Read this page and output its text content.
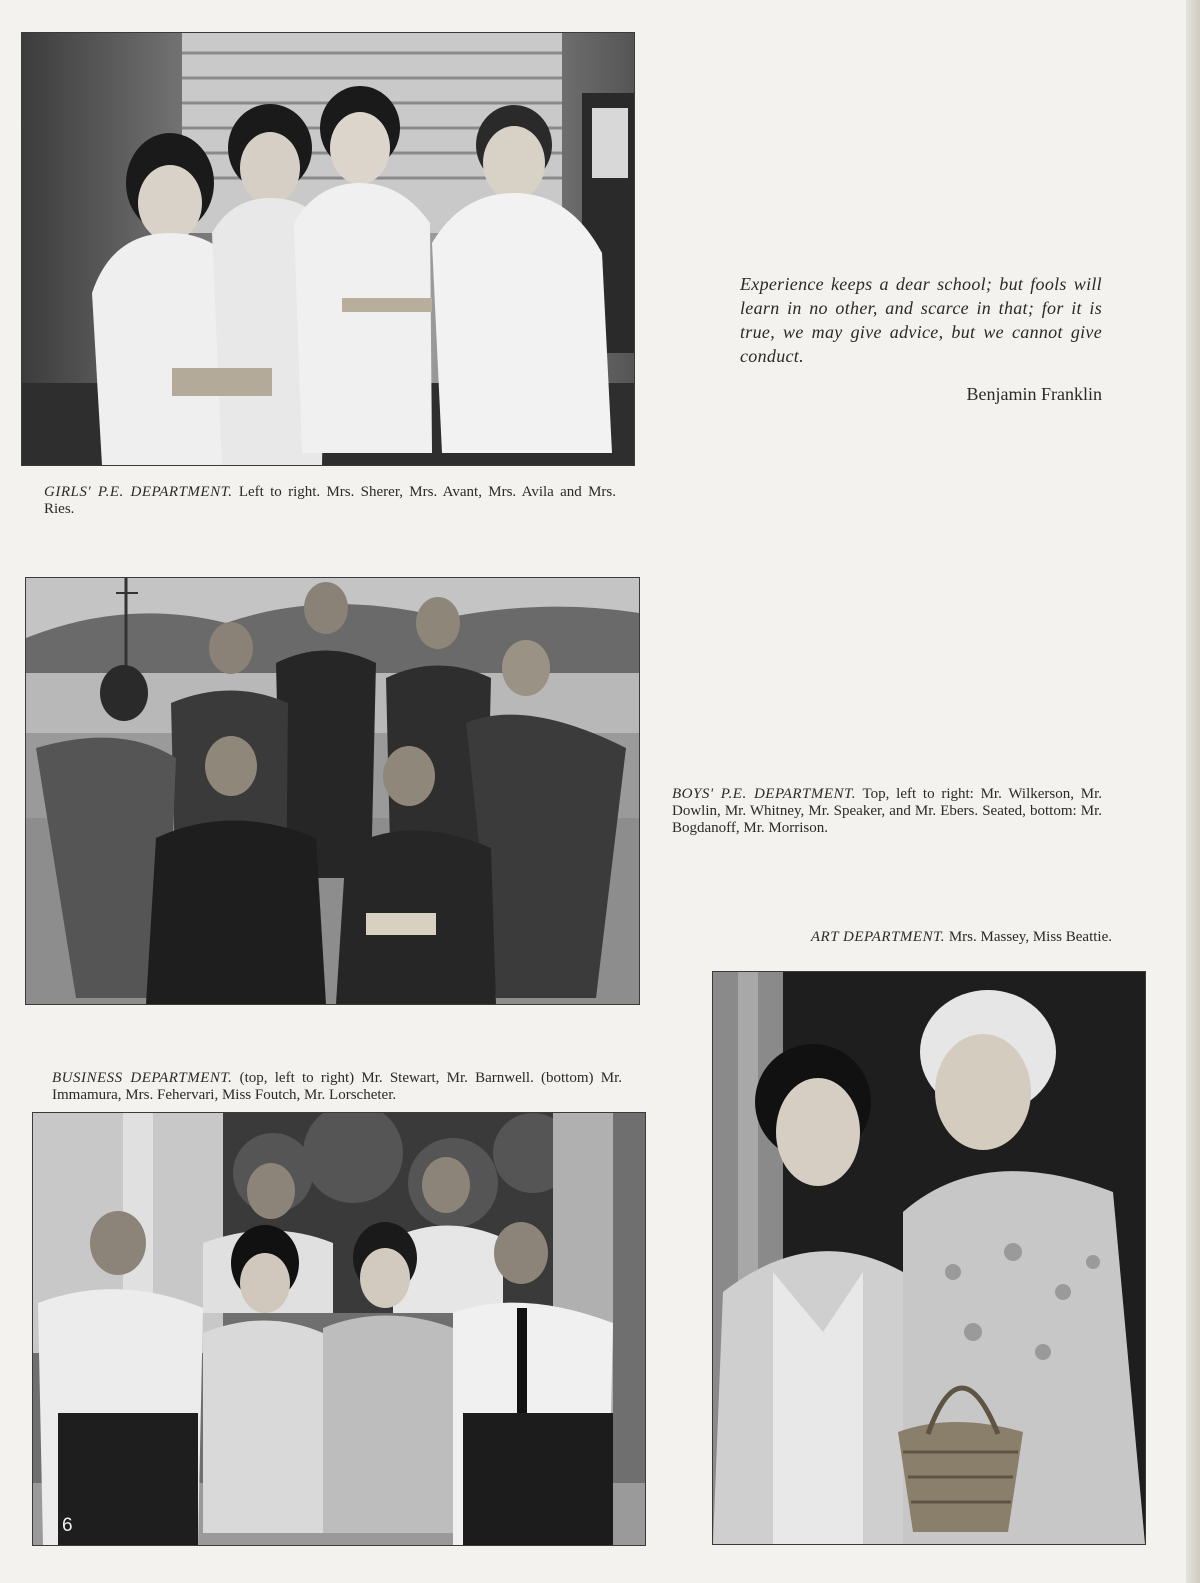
GIRLS' P.E. DEPARTMENT. Left to right. Mrs. Sherer, Mrs. Avant, Mrs. Avila and Mrs. Ries.
Experience keeps a dear school; but fools will learn in no other, and scarce in that; for it is true, we may give advice, but we cannot give conduct.
Benjamin Franklin
BOYS' P.E. DEPARTMENT. Top, left to right: Mr. Wilkerson, Mr. Dowlin, Mr. Whitney, Mr. Speaker, and Mr. Ebers. Seated, bottom: Mr. Bogdanoff, Mr. Morrison.
ART DEPARTMENT. Mrs. Massey, Miss Beattie.
BUSINESS DEPARTMENT. (top, left to right) Mr. Stewart, Mr. Barnwell. (bottom) Mr. Immamura, Mrs. Fehervari, Miss Foutch, Mr. Lorscheter.
6
